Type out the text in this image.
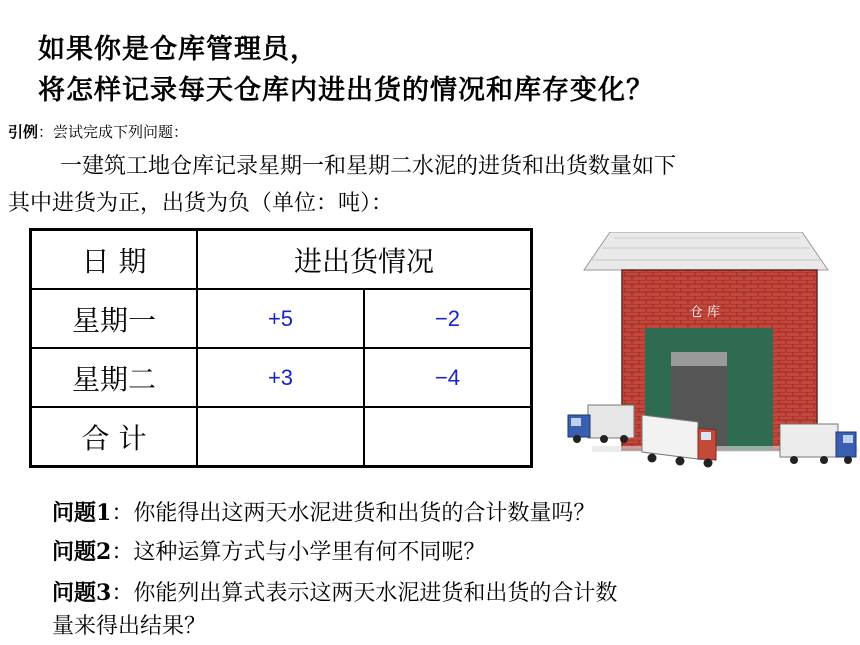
如果你是仓库管理员，
将怎样记录每天仓库内进出货的情况和库存变化？
引例：尝试完成下列问题：
一建筑工地仓库记录星期一和星期二水泥的进货和出货数量如下
其中进货为正，出货为负（单位：吨）：
日 期	进出货情况	
星期一	+5	−2
星期二	+3	−4
合 计		
仓 库
问题1：你能得出这两天水泥进货和出货的合计数量吗？
问题2：这种运算方式与小学里有何不同呢？
问题3：你能列出算式表示这两天水泥进货和出货的合计数
量来得出结果？
